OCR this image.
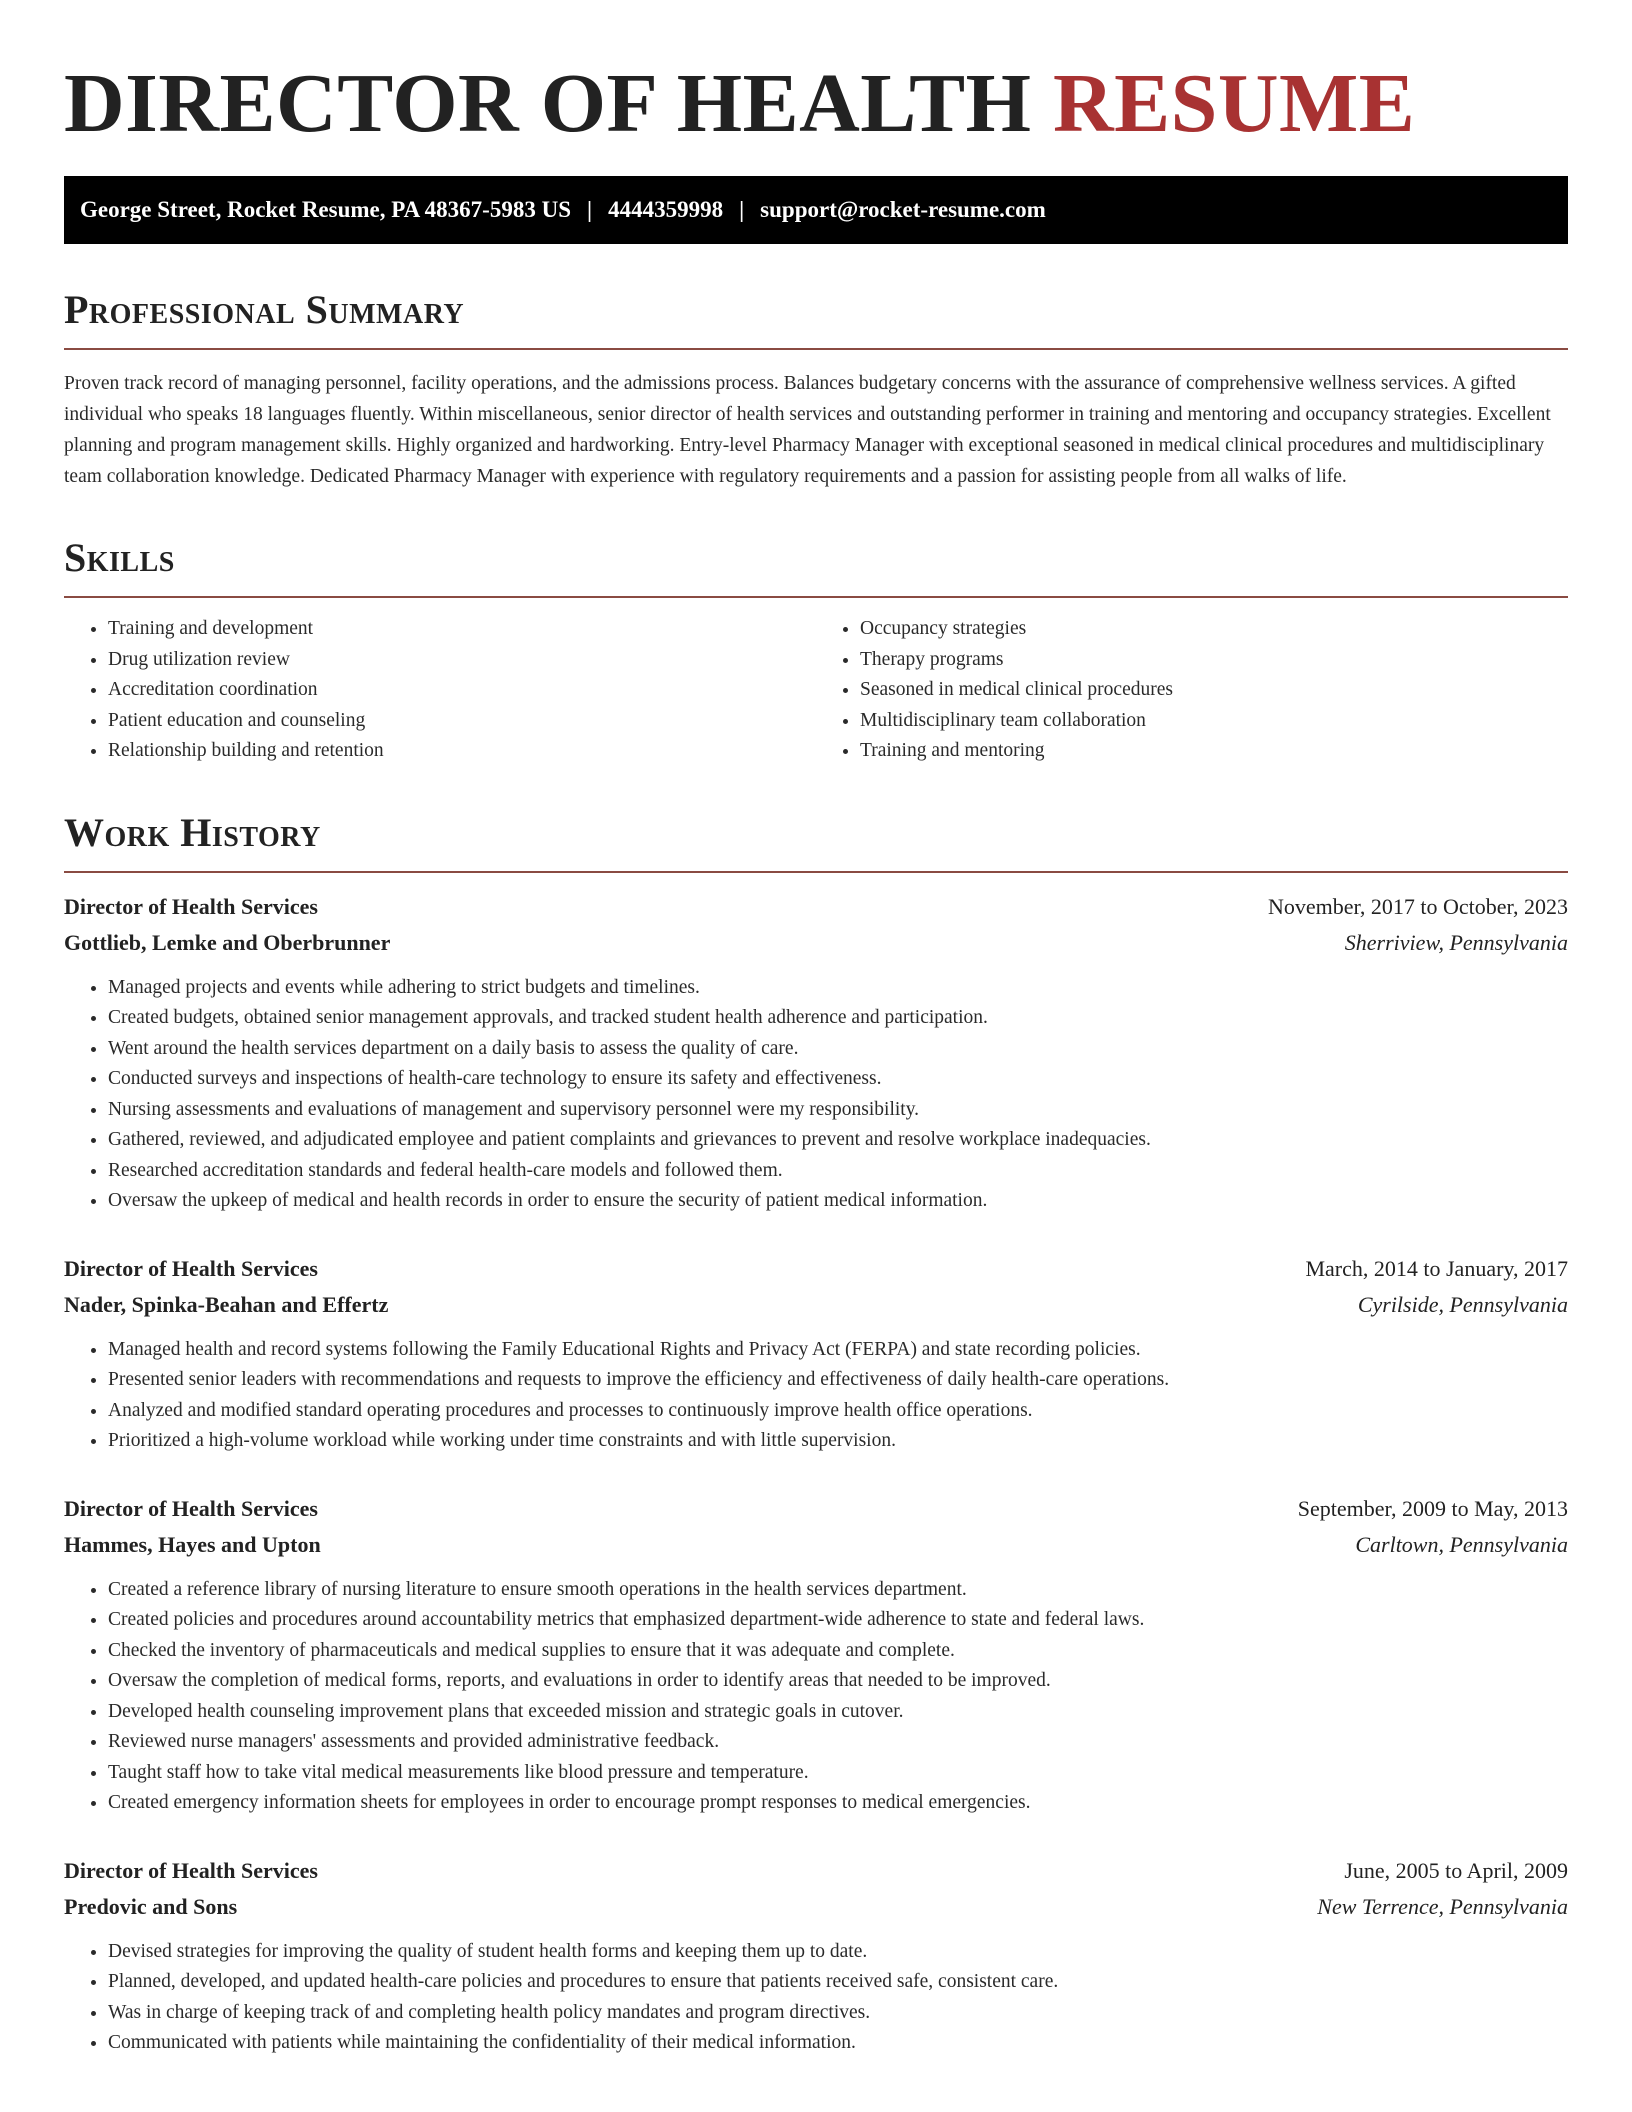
DIRECTOR OF HEALTH RESUME
George Street, Rocket Resume, PA 48367-5983 US | 4444359998 | support@rocket-resume.com
Professional Summary

Proven track record of managing personnel, facility operations, and the admissions process. Balances budgetary concerns with the assurance of comprehensive wellness services. A gifted individual who speaks 18 languages fluently. Within miscellaneous, senior director of health services and outstanding performer in training and mentoring and occupancy strategies. Excellent planning and program management skills. Highly organized and hardworking. Entry-level Pharmacy Manager with exceptional seasoned in medical clinical procedures and multidisciplinary team collaboration knowledge. Dedicated Pharmacy Manager with experience with regulatory requirements and a passion for assisting people from all walks of life.

Skills
• Training and development
• Drug utilization review
• Accreditation coordination
• Patient education and counseling
• Relationship building and retention
• Occupancy strategies
• Therapy programs
• Seasoned in medical clinical procedures
• Multidisciplinary team collaboration
• Training and mentoring
Work History
Director of Health Services	November, 2017 to October, 2023
Gottlieb, Lemke and Oberbrunner	Sherriview, Pennsylvania
• Managed projects and events while adhering to strict budgets and timelines.
• Created budgets, obtained senior management approvals, and tracked student health adherence and participation.
• Went around the health services department on a daily basis to assess the quality of care.
• Conducted surveys and inspections of health-care technology to ensure its safety and effectiveness.
• Nursing assessments and evaluations of management and supervisory personnel were my responsibility.
• Gathered, reviewed, and adjudicated employee and patient complaints and grievances to prevent and resolve workplace inadequacies.
• Researched accreditation standards and federal health-care models and followed them.
• Oversaw the upkeep of medical and health records in order to ensure the security of patient medical information.
Director of Health Services	March, 2014 to January, 2017
Nader, Spinka-Beahan and Effertz	Cyrilside, Pennsylvania
• Managed health and record systems following the Family Educational Rights and Privacy Act (FERPA) and state recording policies.
• Presented senior leaders with recommendations and requests to improve the efficiency and effectiveness of daily health-care operations.
• Analyzed and modified standard operating procedures and processes to continuously improve health office operations.
• Prioritized a high-volume workload while working under time constraints and with little supervision.
Director of Health Services	September, 2009 to May, 2013
Hammes, Hayes and Upton	Carltown, Pennsylvania
• Created a reference library of nursing literature to ensure smooth operations in the health services department.
• Created policies and procedures around accountability metrics that emphasized department-wide adherence to state and federal laws.
• Checked the inventory of pharmaceuticals and medical supplies to ensure that it was adequate and complete.
• Oversaw the completion of medical forms, reports, and evaluations in order to identify areas that needed to be improved.
• Developed health counseling improvement plans that exceeded mission and strategic goals in cutover.
• Reviewed nurse managers' assessments and provided administrative feedback.
• Taught staff how to take vital medical measurements like blood pressure and temperature.
• Created emergency information sheets for employees in order to encourage prompt responses to medical emergencies.
Director of Health Services	June, 2005 to April, 2009
Predovic and Sons	New Terrence, Pennsylvania
• Devised strategies for improving the quality of student health forms and keeping them up to date.
• Planned, developed, and updated health-care policies and procedures to ensure that patients received safe, consistent care.
• Was in charge of keeping track of and completing health policy mandates and program directives.
• Communicated with patients while maintaining the confidentiality of their medical information.
